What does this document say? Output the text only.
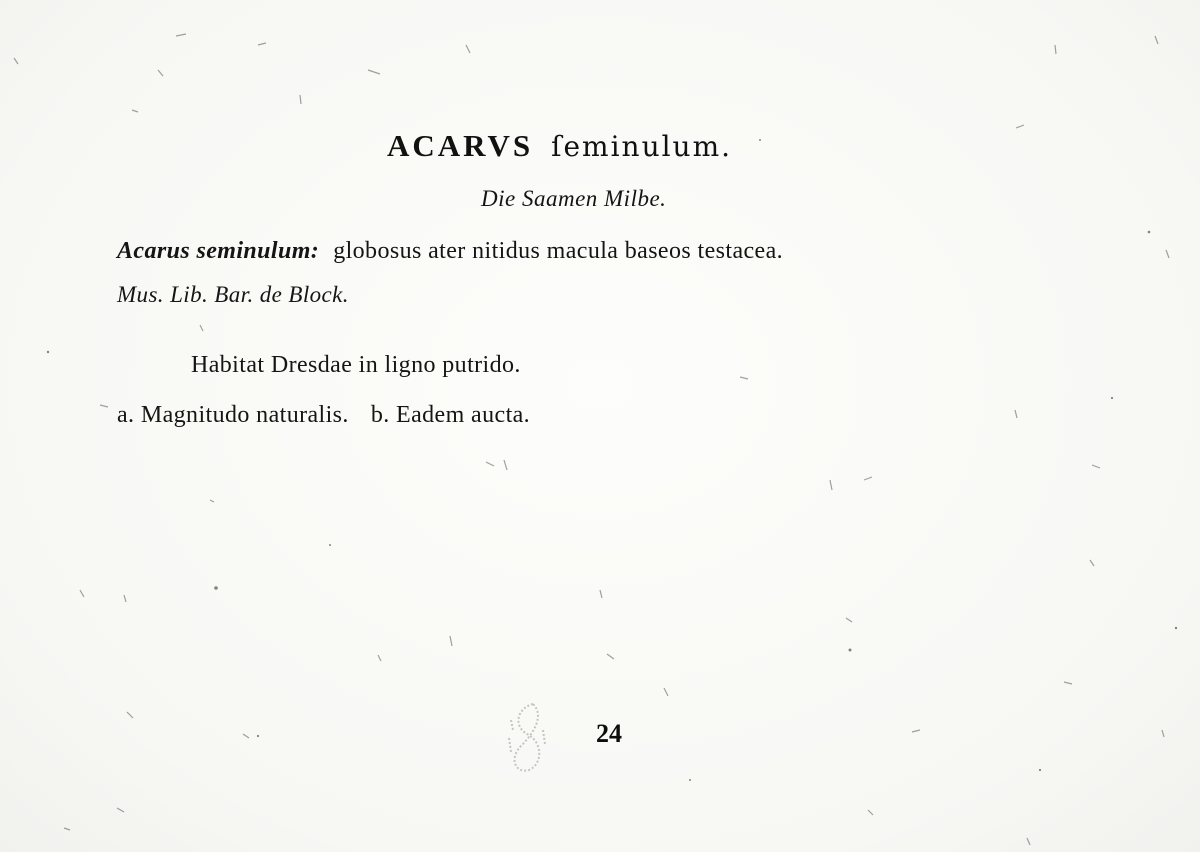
ACARVS ſeminulum.

Die Saamen Milbe.

Acarus seminulum: globosus ater nitidus macula baseos testacea.

Mus. Lib. Bar. de Block.

Habitat Dresdae in ligno putrido.

a. Magnitudo naturalis. b. Eadem aucta.

24
